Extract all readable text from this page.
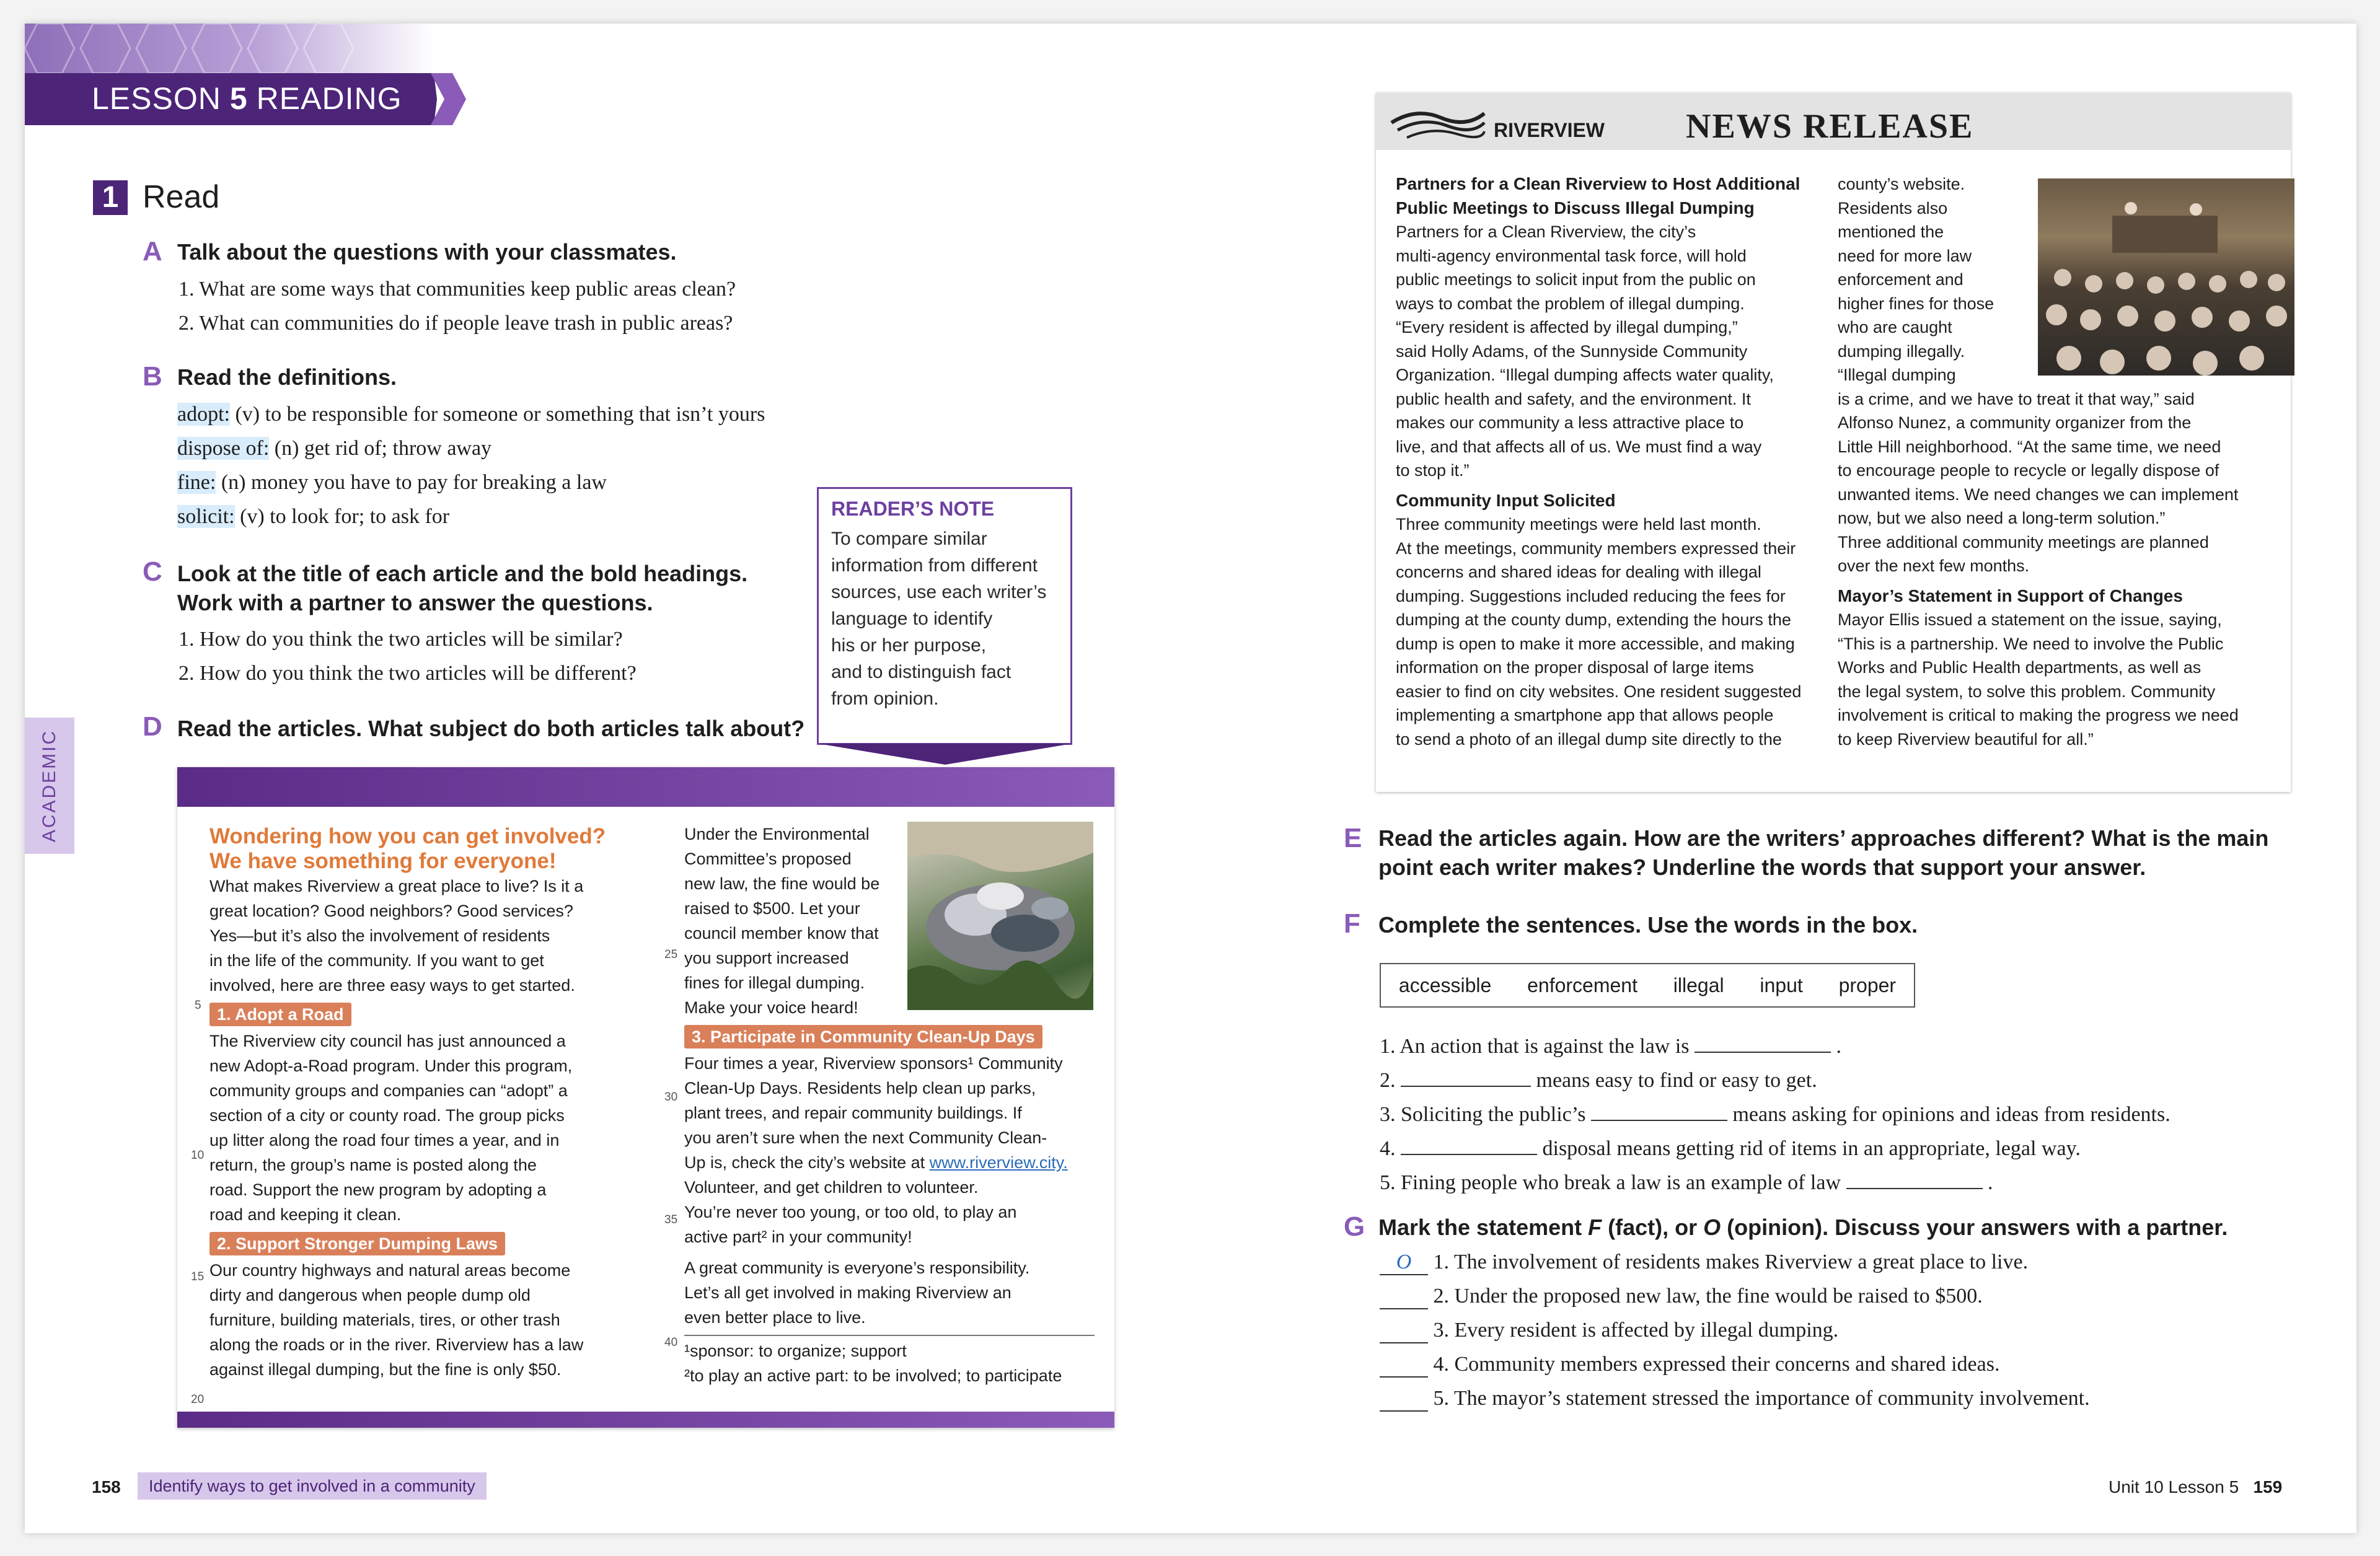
LESSON 5 READING
1 Read
A Talk about the questions with your classmates.
1. What are some ways that communities keep public areas clean?
2. What can communities do if people leave trash in public areas?
B Read the definitions.
adopt: (v) to be responsible for someone or something that isn’t yours
dispose of: (n) get rid of; throw away
fine: (n) money you have to pay for breaking a law
solicit: (v) to look for; to ask for
C Look at the title of each article and the bold headings.
Work with a partner to answer the questions.
1. How do you think the two articles will be similar?
2. How do you think the two articles will be different?
READER’S NOTE
To compare similar
information from different
sources, use each writer’s
language to identify
his or her purpose,
and to distinguish fact
from opinion.
D Read the articles. What subject do both articles talk about?
ACADEMIC	Wondering how you can get involved?
We have something for everyone!
What makes Riverview a great place to live? Is it a
great location? Good neighbors? Good services?
Yes—but it’s also the involvement of residents
in the life of the community. If you want to get
involved, here are three easy ways to get started.
1. Adopt a Road
The Riverview city council has just announced a
new Adopt-a-Road program. Under this program,
community groups and companies can “adopt” a
section of a city or county road. The group picks
up litter along the road four times a year, and in
return, the group’s name is posted along the
road. Support the new program by adopting a
road and keeping it clean.
2. Support Stronger Dumping Laws
Our country highways and natural areas become
dirty and dangerous when people dump old
furniture, building materials, tires, or other trash
along the roads or in the river. Riverview has a law
against illegal dumping, but the fine is only $50.
5
10
15
20
25
30
35
40
Under the Environmental
Committee’s proposed
new law, the fine would be
raised to $500. Let your
council member know that
you support increased
fines for illegal dumping.
Make your voice heard!
3. Participate in Community Clean-Up Days
Four times a year, Riverview sponsors¹ Community
Clean-Up Days. Residents help clean up parks,
plant trees, and repair community buildings. If
you aren’t sure when the next Community Clean-
Up is, check the city’s website at www.riverview.city.
Volunteer, and get children to volunteer.
You’re never too young, or too old, to play an
active part² in your community!
A great community is everyone’s responsibility.
Let’s all get involved in making Riverview an
even better place to live.
¹sponsor: to organize; support
²to play an active part: to be involved; to participate
158	Identify ways to get involved in a community
RIVERVIEW NEWS RELEASE
Partners for a Clean Riverview to Host Additional
Public Meetings to Discuss Illegal Dumping
Partners for a Clean Riverview, the city’s
multi-agency environmental task force, will hold
public meetings to solicit input from the public on
ways to combat the problem of illegal dumping.
“Every resident is affected by illegal dumping,”
said Holly Adams, of the Sunnyside Community
Organization. “Illegal dumping affects water quality,
public health and safety, and the environment. It
makes our community a less attractive place to
live, and that affects all of us. We must find a way
to stop it.”
Community Input Solicited
Three community meetings were held last month.
At the meetings, community members expressed their
concerns and shared ideas for dealing with illegal
dumping. Suggestions included reducing the fees for
dumping at the county dump, extending the hours the
dump is open to make it more accessible, and making
information on the proper disposal of large items
easier to find on city websites. One resident suggested
implementing a smartphone app that allows people
to send a photo of an illegal dump site directly to the
county’s website.
Residents also
mentioned the
need for more law
enforcement and
higher fines for those
who are caught
dumping illegally.
“Illegal dumping
is a crime, and we have to treat it that way,” said
Alfonso Nunez, a community organizer from the
Little Hill neighborhood. “At the same time, we need
to encourage people to recycle or legally dispose of
unwanted items. We need changes we can implement
now, but we also need a long-term solution.”
Three additional community meetings are planned
over the next few months.
Mayor’s Statement in Support of Changes
Mayor Ellis issued a statement on the issue, saying,
“This is a partnership. We need to involve the Public
Works and Public Health departments, as well as
the legal system, to solve this problem. Community
involvement is critical to making the progress we need
to keep Riverview beautiful for all.”
E Read the articles again. How are the writers’ approaches different? What is the main
point each writer makes? Underline the words that support your answer.
F Complete the sentences. Use the words in the box.
accessible enforcement illegal input proper
1. An action that is against the law is	.
2.	means easy to find or easy to get.
3. Soliciting the public’s	means asking for opinions and ideas from residents.
4.	disposal means getting rid of items in an appropriate, legal way.
5. Fining people who break a law is an example of law	.
G Mark the statement F (fact), or O (opinion). Discuss your answers with a partner.
O 1. The involvement of residents makes Riverview a great place to live.
2. Under the proposed new law, the fine would be raised to $500.
3. Every resident is affected by illegal dumping.
4. Community members expressed their concerns and shared ideas.
5. The mayor’s statement stressed the importance of community involvement.
Unit 10 Lesson 5 159
